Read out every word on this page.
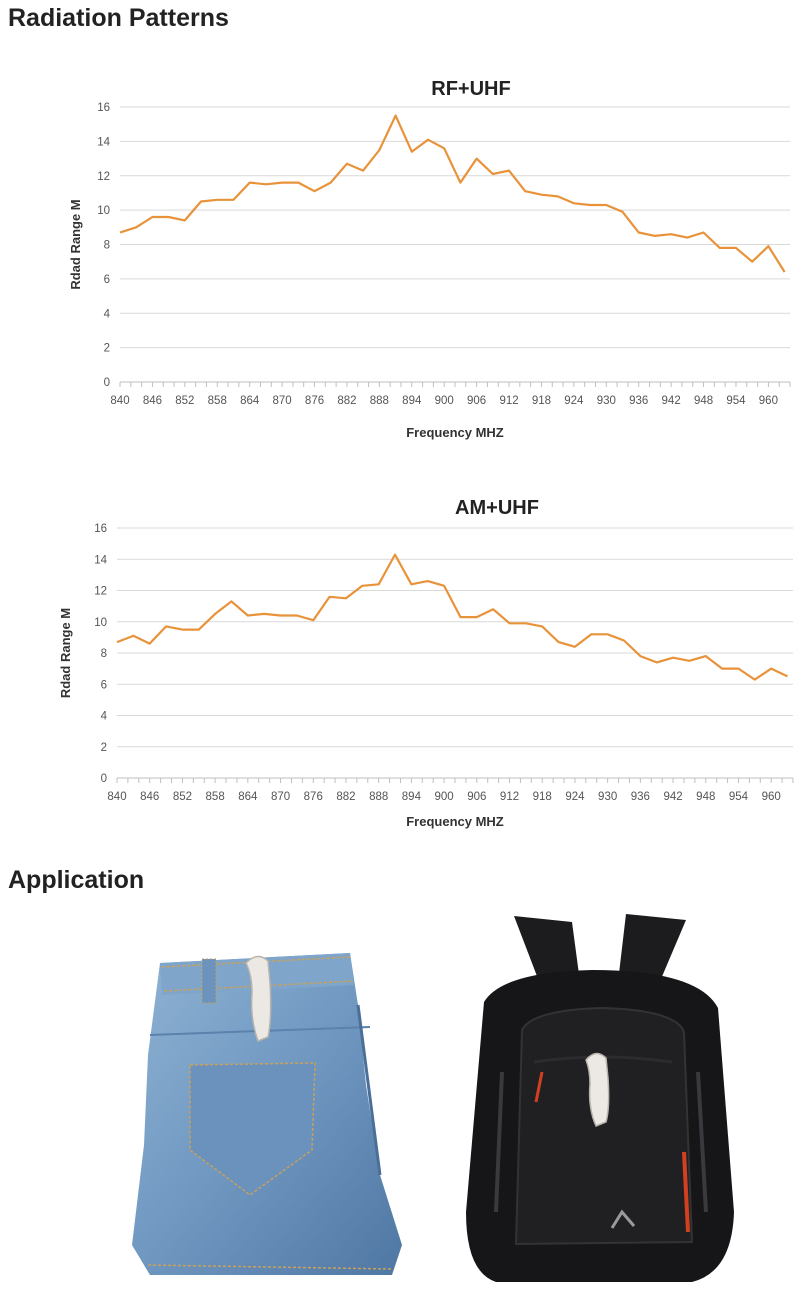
Radiation Patterns
RF+UHF
0
2
4
6
8
10
12
14
16
840 846 852 858 864 870 876 882 888 894 900 906 912 918 924 930 936 942 948 954 960
Frequency MHZ
Rdad Range M
AM+UHF
0
2
4
6
8
10
12
14
16
840 846 852 858 864 870 876 882 888 894 900 906 912 918 924 930 936 942 948 954 960
Frequency MHZ
Rdad Range M
Application
